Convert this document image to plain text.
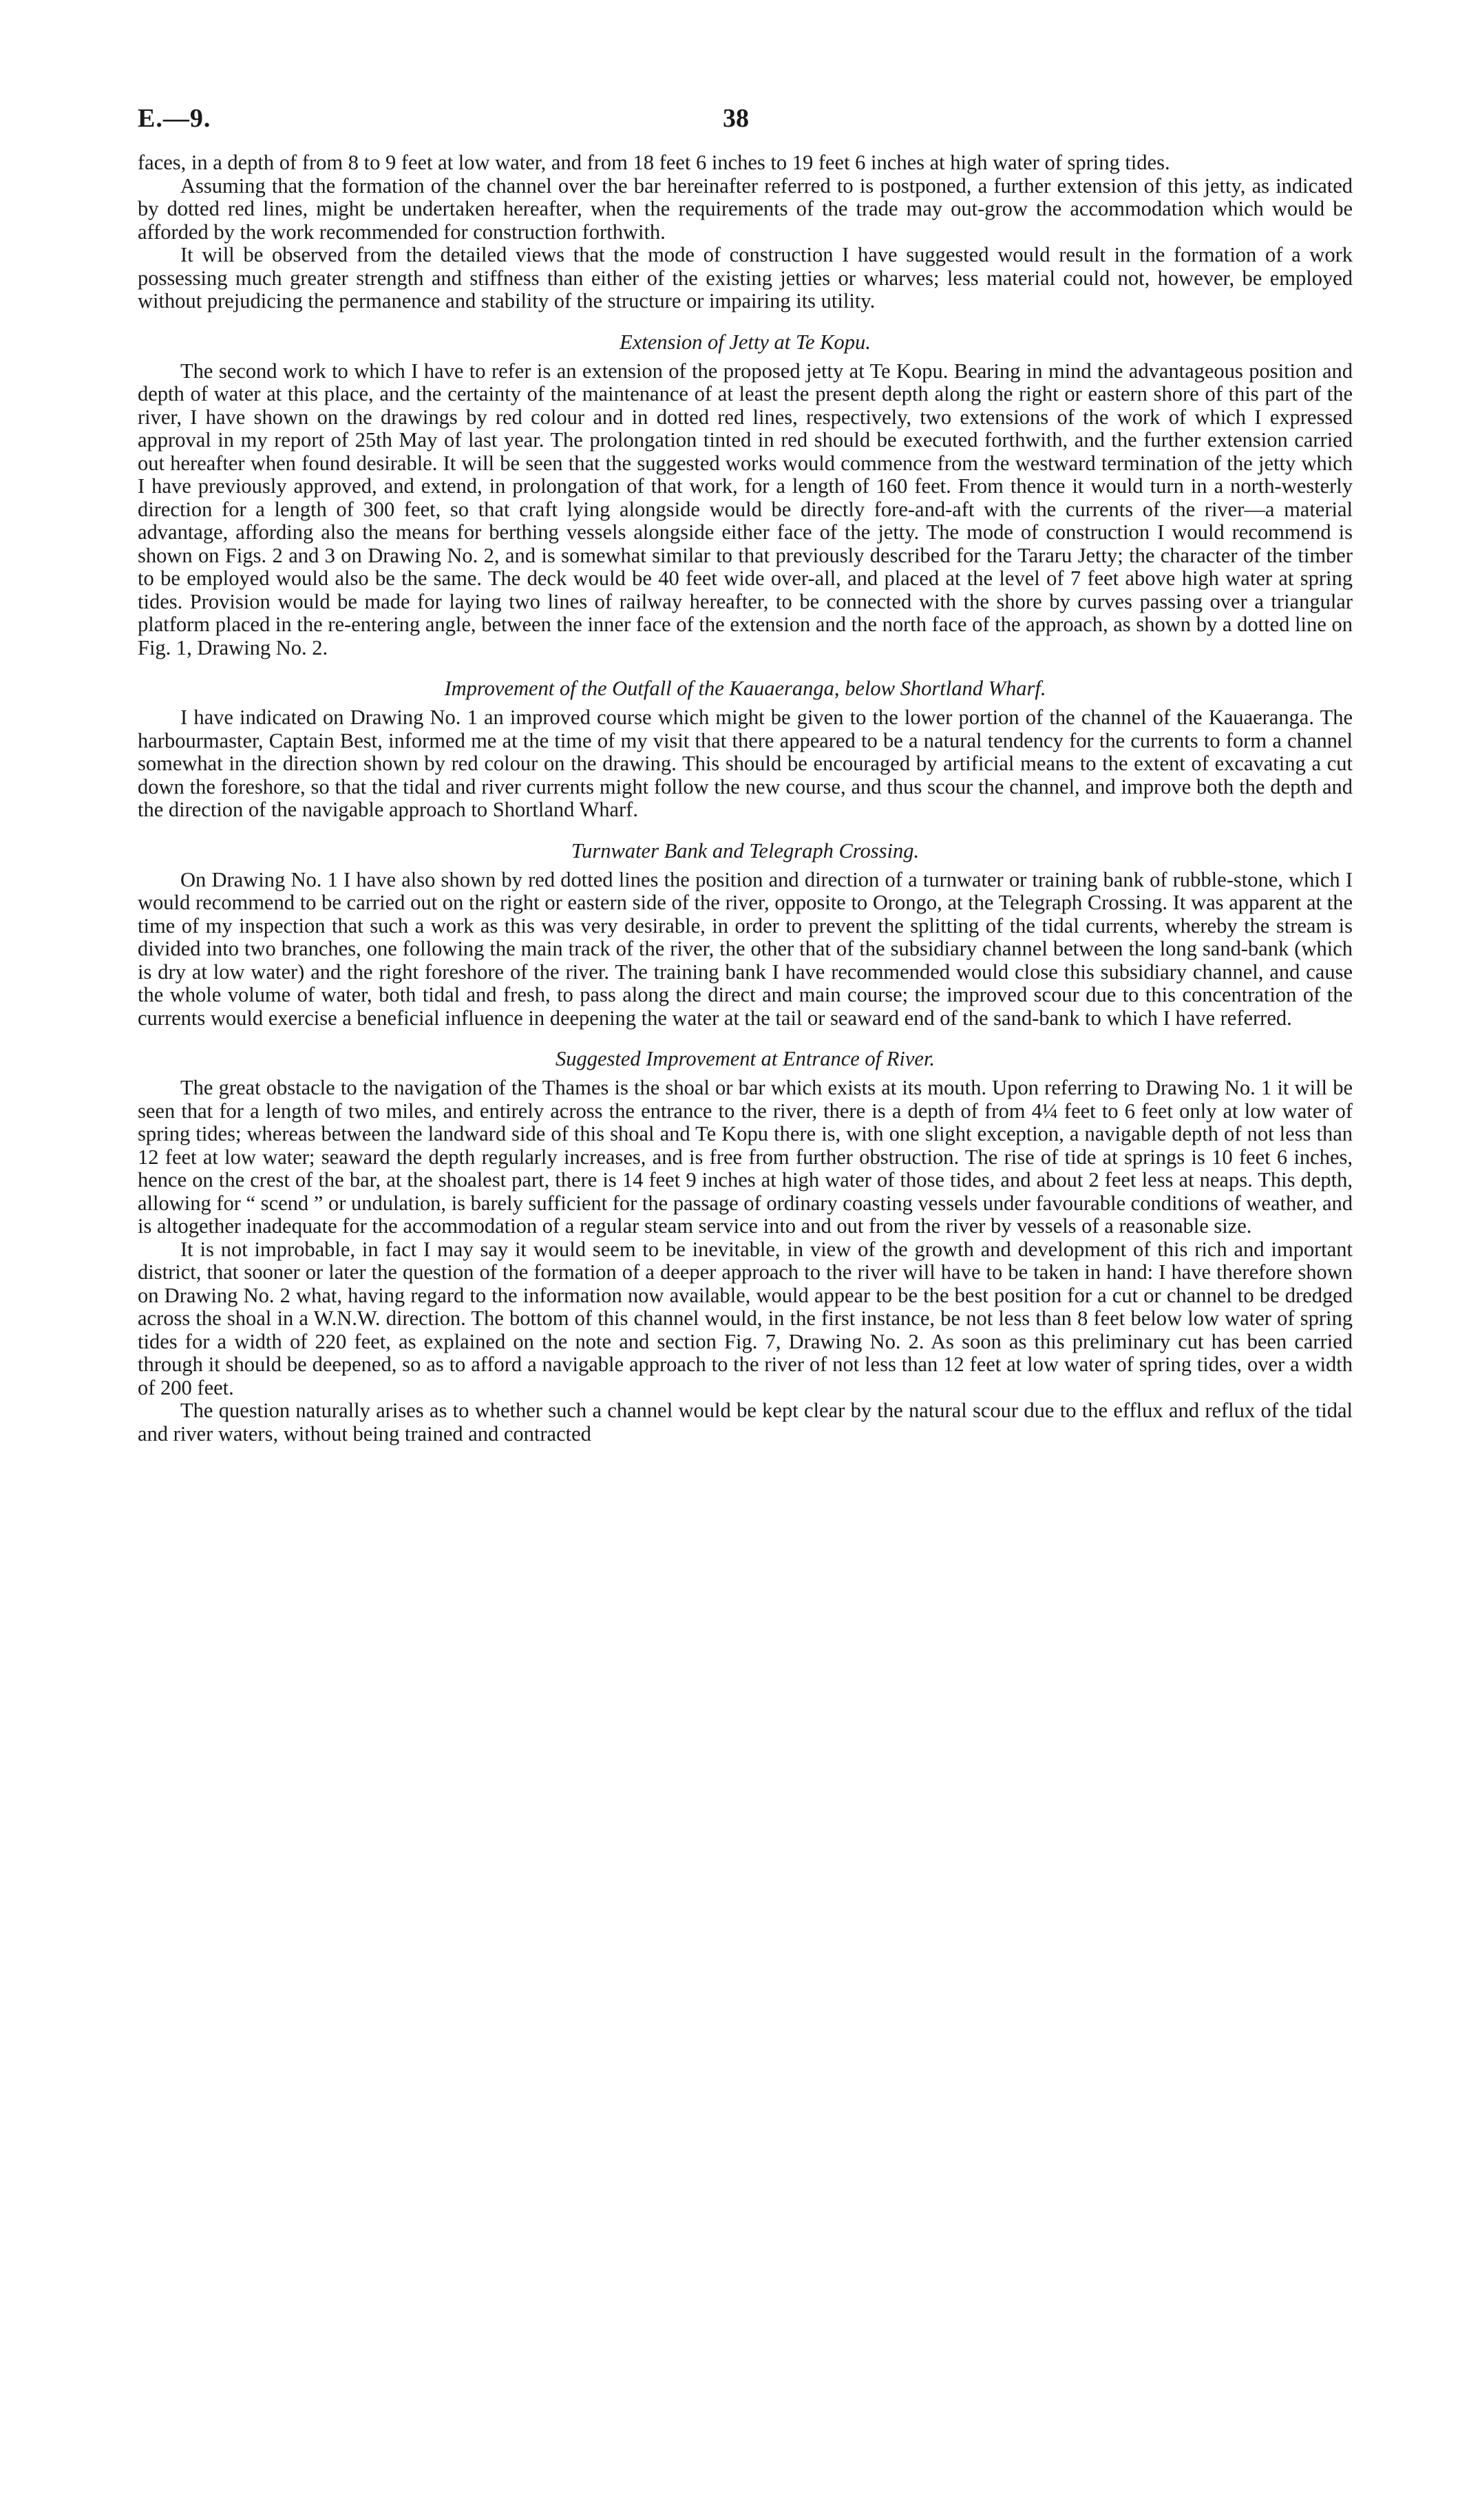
E.—9.	38

faces, in a depth of from 8 to 9 feet at low water, and from 18 feet 6 inches to 19 feet 6 inches at high water of spring tides.

Assuming that the formation of the channel over the bar hereinafter referred to is postponed, a further extension of this jetty, as indicated by dotted red lines, might be undertaken hereafter, when the requirements of the trade may out-grow the accommodation which would be afforded by the work recommended for construction forthwith.

It will be observed from the detailed views that the mode of construction I have suggested would result in the formation of a work possessing much greater strength and stiffness than either of the existing jetties or wharves; less material could not, however, be employed without prejudicing the permanence and stability of the structure or impairing its utility.

Extension of Jetty at Te Kopu.

The second work to which I have to refer is an extension of the proposed jetty at Te Kopu. Bearing in mind the advantageous position and depth of water at this place, and the certainty of the maintenance of at least the present depth along the right or eastern shore of this part of the river, I have shown on the drawings by red colour and in dotted red lines, respectively, two extensions of the work of which I expressed approval in my report of 25th May of last year. The prolongation tinted in red should be executed forthwith, and the further extension carried out hereafter when found desirable. It will be seen that the suggested works would commence from the westward termination of the jetty which I have previously approved, and extend, in prolongation of that work, for a length of 160 feet. From thence it would turn in a north-westerly direction for a length of 300 feet, so that craft lying alongside would be directly fore-and-aft with the currents of the river—a material advantage, affording also the means for berthing vessels alongside either face of the jetty. The mode of construction I would recommend is shown on Figs. 2 and 3 on Drawing No. 2, and is somewhat similar to that previously described for the Tararu Jetty; the character of the timber to be employed would also be the same. The deck would be 40 feet wide over-all, and placed at the level of 7 feet above high water at spring tides. Provision would be made for laying two lines of railway hereafter, to be connected with the shore by curves passing over a triangular platform placed in the re-entering angle, between the inner face of the extension and the north face of the approach, as shown by a dotted line on Fig. 1, Drawing No. 2.

Improvement of the Outfall of the Kauaeranga, below Shortland Wharf.

I have indicated on Drawing No. 1 an improved course which might be given to the lower portion of the channel of the Kauaeranga. The harbourmaster, Captain Best, informed me at the time of my visit that there appeared to be a natural tendency for the currents to form a channel somewhat in the direction shown by red colour on the drawing. This should be encouraged by artificial means to the extent of excavating a cut down the foreshore, so that the tidal and river currents might follow the new course, and thus scour the channel, and improve both the depth and the direction of the navigable approach to Shortland Wharf.

Turnwater Bank and Telegraph Crossing.

On Drawing No. 1 I have also shown by red dotted lines the position and direction of a turnwater or training bank of rubble-stone, which I would recommend to be carried out on the right or eastern side of the river, opposite to Orongo, at the Telegraph Crossing. It was apparent at the time of my inspection that such a work as this was very desirable, in order to prevent the splitting of the tidal currents, whereby the stream is divided into two branches, one following the main track of the river, the other that of the subsidiary channel between the long sand-bank (which is dry at low water) and the right foreshore of the river. The training bank I have recommended would close this subsidiary channel, and cause the whole volume of water, both tidal and fresh, to pass along the direct and main course; the improved scour due to this concentration of the currents would exercise a beneficial influence in deepening the water at the tail or seaward end of the sand-bank to which I have referred.

Suggested Improvement at Entrance of River.

The great obstacle to the navigation of the Thames is the shoal or bar which exists at its mouth. Upon referring to Drawing No. 1 it will be seen that for a length of two miles, and entirely across the entrance to the river, there is a depth of from 4¼ feet to 6 feet only at low water of spring tides; whereas between the landward side of this shoal and Te Kopu there is, with one slight exception, a navigable depth of not less than 12 feet at low water; seaward the depth regularly increases, and is free from further obstruction. The rise of tide at springs is 10 feet 6 inches, hence on the crest of the bar, at the shoalest part, there is 14 feet 9 inches at high water of those tides, and about 2 feet less at neaps. This depth, allowing for “ scend ” or undulation, is barely sufficient for the passage of ordinary coasting vessels under favourable conditions of weather, and is altogether inadequate for the accommodation of a regular steam service into and out from the river by vessels of a reasonable size.

It is not improbable, in fact I may say it would seem to be inevitable, in view of the growth and development of this rich and important district, that sooner or later the question of the formation of a deeper approach to the river will have to be taken in hand: I have therefore shown on Drawing No. 2 what, having regard to the information now available, would appear to be the best position for a cut or channel to be dredged across the shoal in a W.N.W. direction. The bottom of this channel would, in the first instance, be not less than 8 feet below low water of spring tides for a width of 220 feet, as explained on the note and section Fig. 7, Drawing No. 2. As soon as this preliminary cut has been carried through it should be deepened, so as to afford a navigable approach to the river of not less than 12 feet at low water of spring tides, over a width of 200 feet.

The question naturally arises as to whether such a channel would be kept clear by the natural scour due to the efflux and reflux of the tidal and river waters, without being trained and contracted
